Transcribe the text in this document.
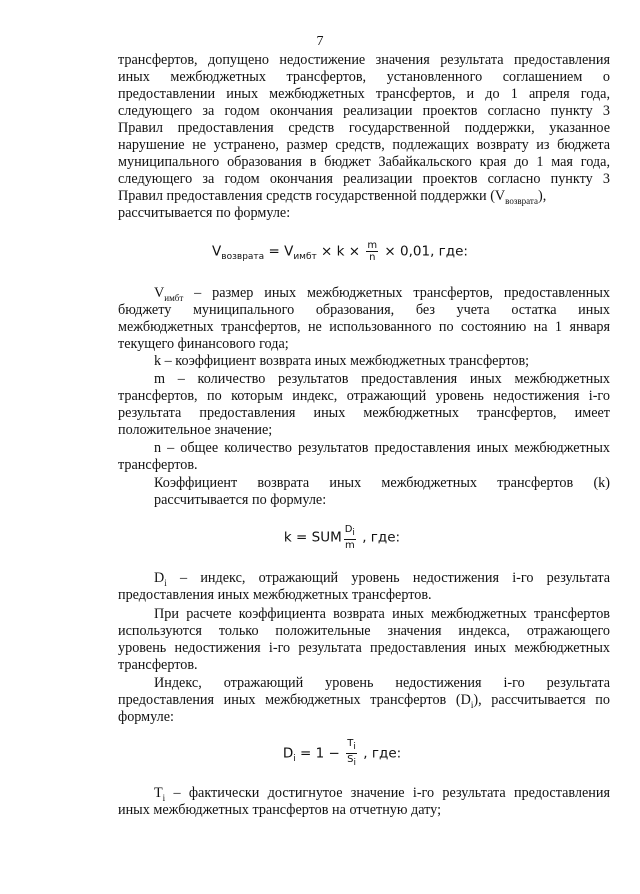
7
трансфертов, допущено недостижение значения результата предоставления
иных межбюджетных трансфертов, установленного соглашением о
предоставлении иных межбюджетных трансфертов, и до 1 апреля года,
следующего за годом окончания реализации проектов согласно пункту 3
Правил предоставления средств государственной поддержки, указанное
нарушение не устранено, размер средств, подлежащих возврату из бюджета
муниципального образования в бюджет Забайкальского края до 1 мая года,
следующего за годом окончания реализации проектов согласно пункту 3
Правил предоставления средств государственной поддержки $(V_{возврата})$,
рассчитывается по формуле:
$V_{возврата} = V_{имбт} \times k \times \frac{m}{n} \times 0,01$, где:
$V_{имбт}$ – размер иных межбюджетных трансфертов, предоставленных
бюджету муниципального образования, без учета остатка иных
межбюджетных трансфертов, не использованного по состоянию на 1 января
текущего финансового года;
k – коэффициент возврата иных межбюджетных трансфертов;
m – количество результатов предоставления иных межбюджетных
трансфертов, по которым индекс, отражающий уровень недостижения i-го
результата предоставления иных межбюджетных трансфертов, имеет
положительное значение;
n – общее количество результатов предоставления иных межбюджетных
трансфертов.
Коэффициент возврата иных межбюджетных трансфертов (k)
рассчитывается по формуле:
k = SUM $\frac{D_i}{m}$ , где:
$D_i$ – индекс, отражающий уровень недостижения i-го результата
предоставления иных межбюджетных трансфертов.
При расчете коэффициента возврата иных межбюджетных трансфертов
используются только положительные значения индекса, отражающего
уровень недостижения i-го результата предоставления иных межбюджетных
трансфертов.
Индекс, отражающий уровень недостижения i-го результата
предоставления иных межбюджетных трансфертов $(D_i)$, рассчитывается по
формуле:
$D_i = 1 - \frac{T_i}{S_i}$ , где:
$T_i$ – фактически достигнутое значение i-го результата предоставления
иных межбюджетных трансфертов на отчетную дату;
